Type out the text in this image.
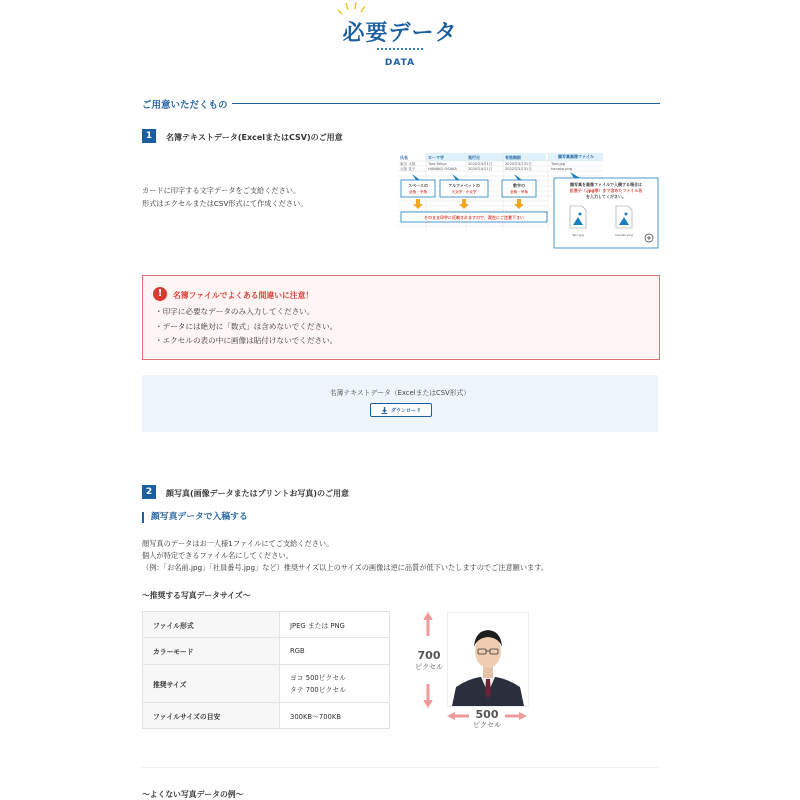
必要データ
DATA
ご用意いただくもの
1	名簿テキストデータ(ExcelまたはCSV)のご用意
カードに印字する文字データをご支給ください。
形式はエクセルまたはCSV形式にて作成ください。
氏名	ローマ字	発行日	有効期限	顔写真画像ファイル
東京 太郎	Taro Tokyo	2020年4月1日	2020年3月31日	Taro.jpg
大阪 花子	HANAKO OSAKA	2020年4月1日	2022年3月31日	hanako.png
スペースの
全角・半角
アルファベットの
大文字・小文字
数字の
全角・半角
そのまま印字に反映されますので、混在にご注意下さい
顔写真を画像ファイルで入稿する場合は
拡張子（.jpg等）まで含めたファイル名
を入力してください。
Taro.jpg	hanako.png
!	名簿ファイルでよくある間違いに注意！
・印字に必要なデータのみ入力してください。
・データには絶対に「数式」は含めないでください。
・エクセルの表の中に画像は貼付けないでください。
名簿テキストデータ（ExcelまたはCSV形式）
ダウンロード
2	顔写真(画像データまたはプリントお写真)のご用意
顔写真データで入稿する
顔写真のデータはお一人様1ファイルにてご支給ください。
個人が特定できるファイル名にしてください。
（例：「お名前.jpg」「社員番号.jpg」など）推奨サイズ以上のサイズの画像は逆に品質が低下いたしますのでご注意願います。
〜推奨する写真データサイズ〜
ファイル形式	JPEG または PNG
カラーモード	RGB
推奨サイズ	ヨコ 500ピクセル
タテ 700ピクセル

ファイルサイズの目安	300KB〜700KB
700
ピクセル
500
ピクセル
〜よくない写真データの例〜
